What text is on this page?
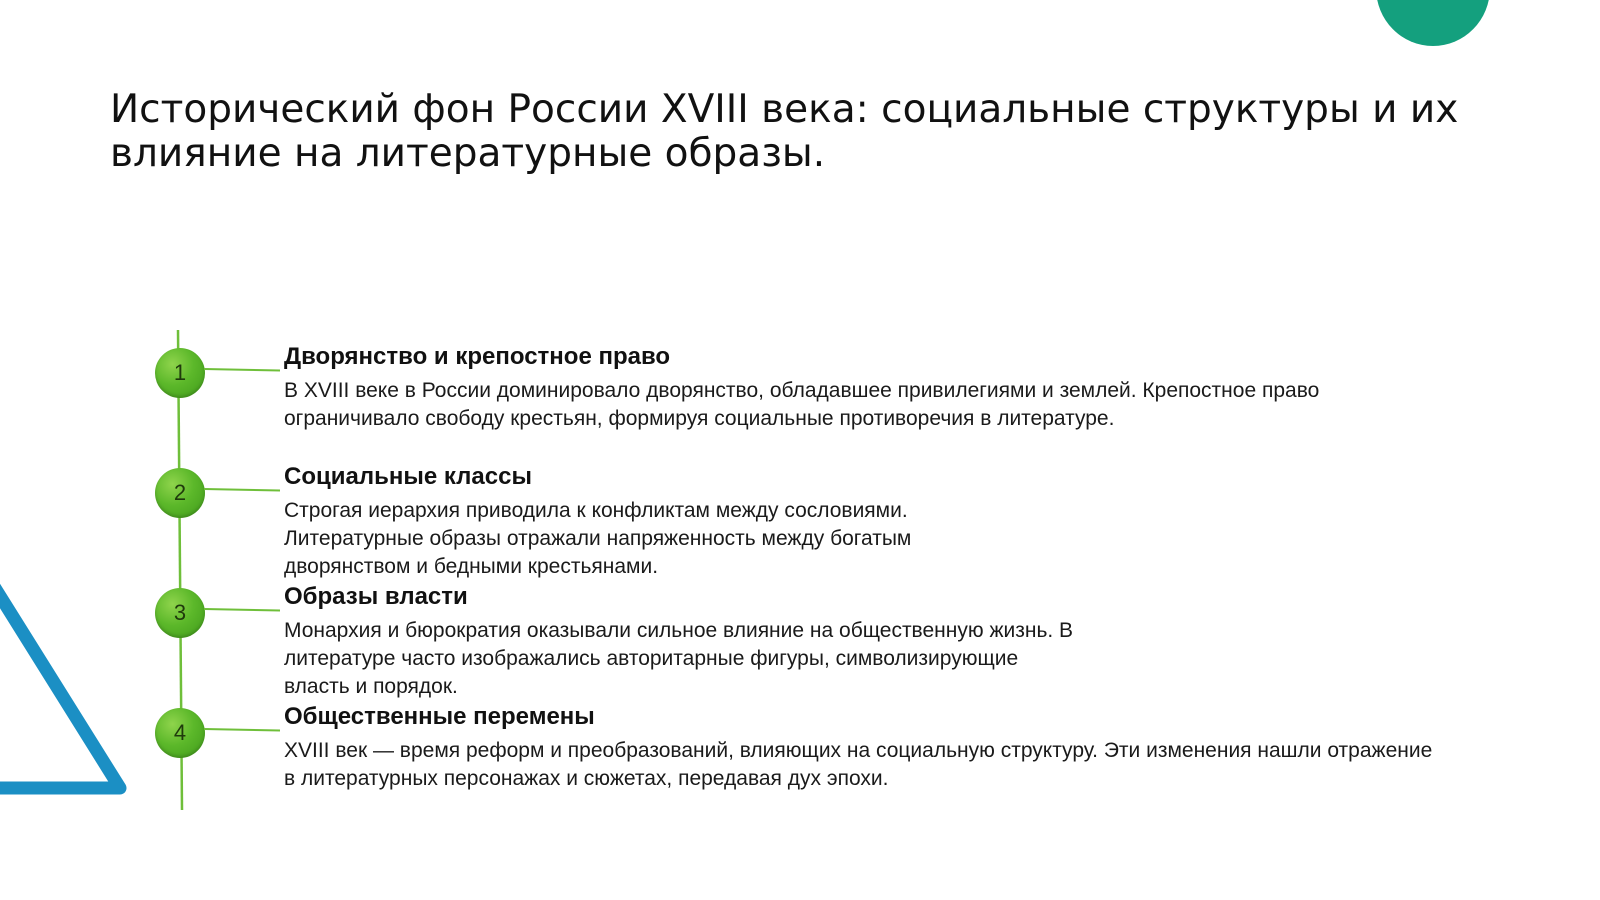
Исторический фон России XVIII века: социальные структуры и их влияние на литературные образы.
1
Дворянство и крепостное право

В XVIII веке в России доминировало дворянство, обладавшее привилегиями и землей. Крепостное право ограничивало свободу крестьян, формируя социальные противоречия в литературе.

2
Социальные классы

Строгая иерархия приводила к конфликтам между сословиями. Литературные образы отражали напряженность между богатым дворянством и бедными крестьянами.

3
Образы власти

Монархия и бюрократия оказывали сильное влияние на общественную жизнь. В литературе часто изображались авторитарные фигуры, символизирующие власть и порядок.

4
Общественные перемены

XVIII век — время реформ и преобразований, влияющих на социальную структуру. Эти изменения нашли отражение в литературных персонажах и сюжетах, передавая дух эпохи.
